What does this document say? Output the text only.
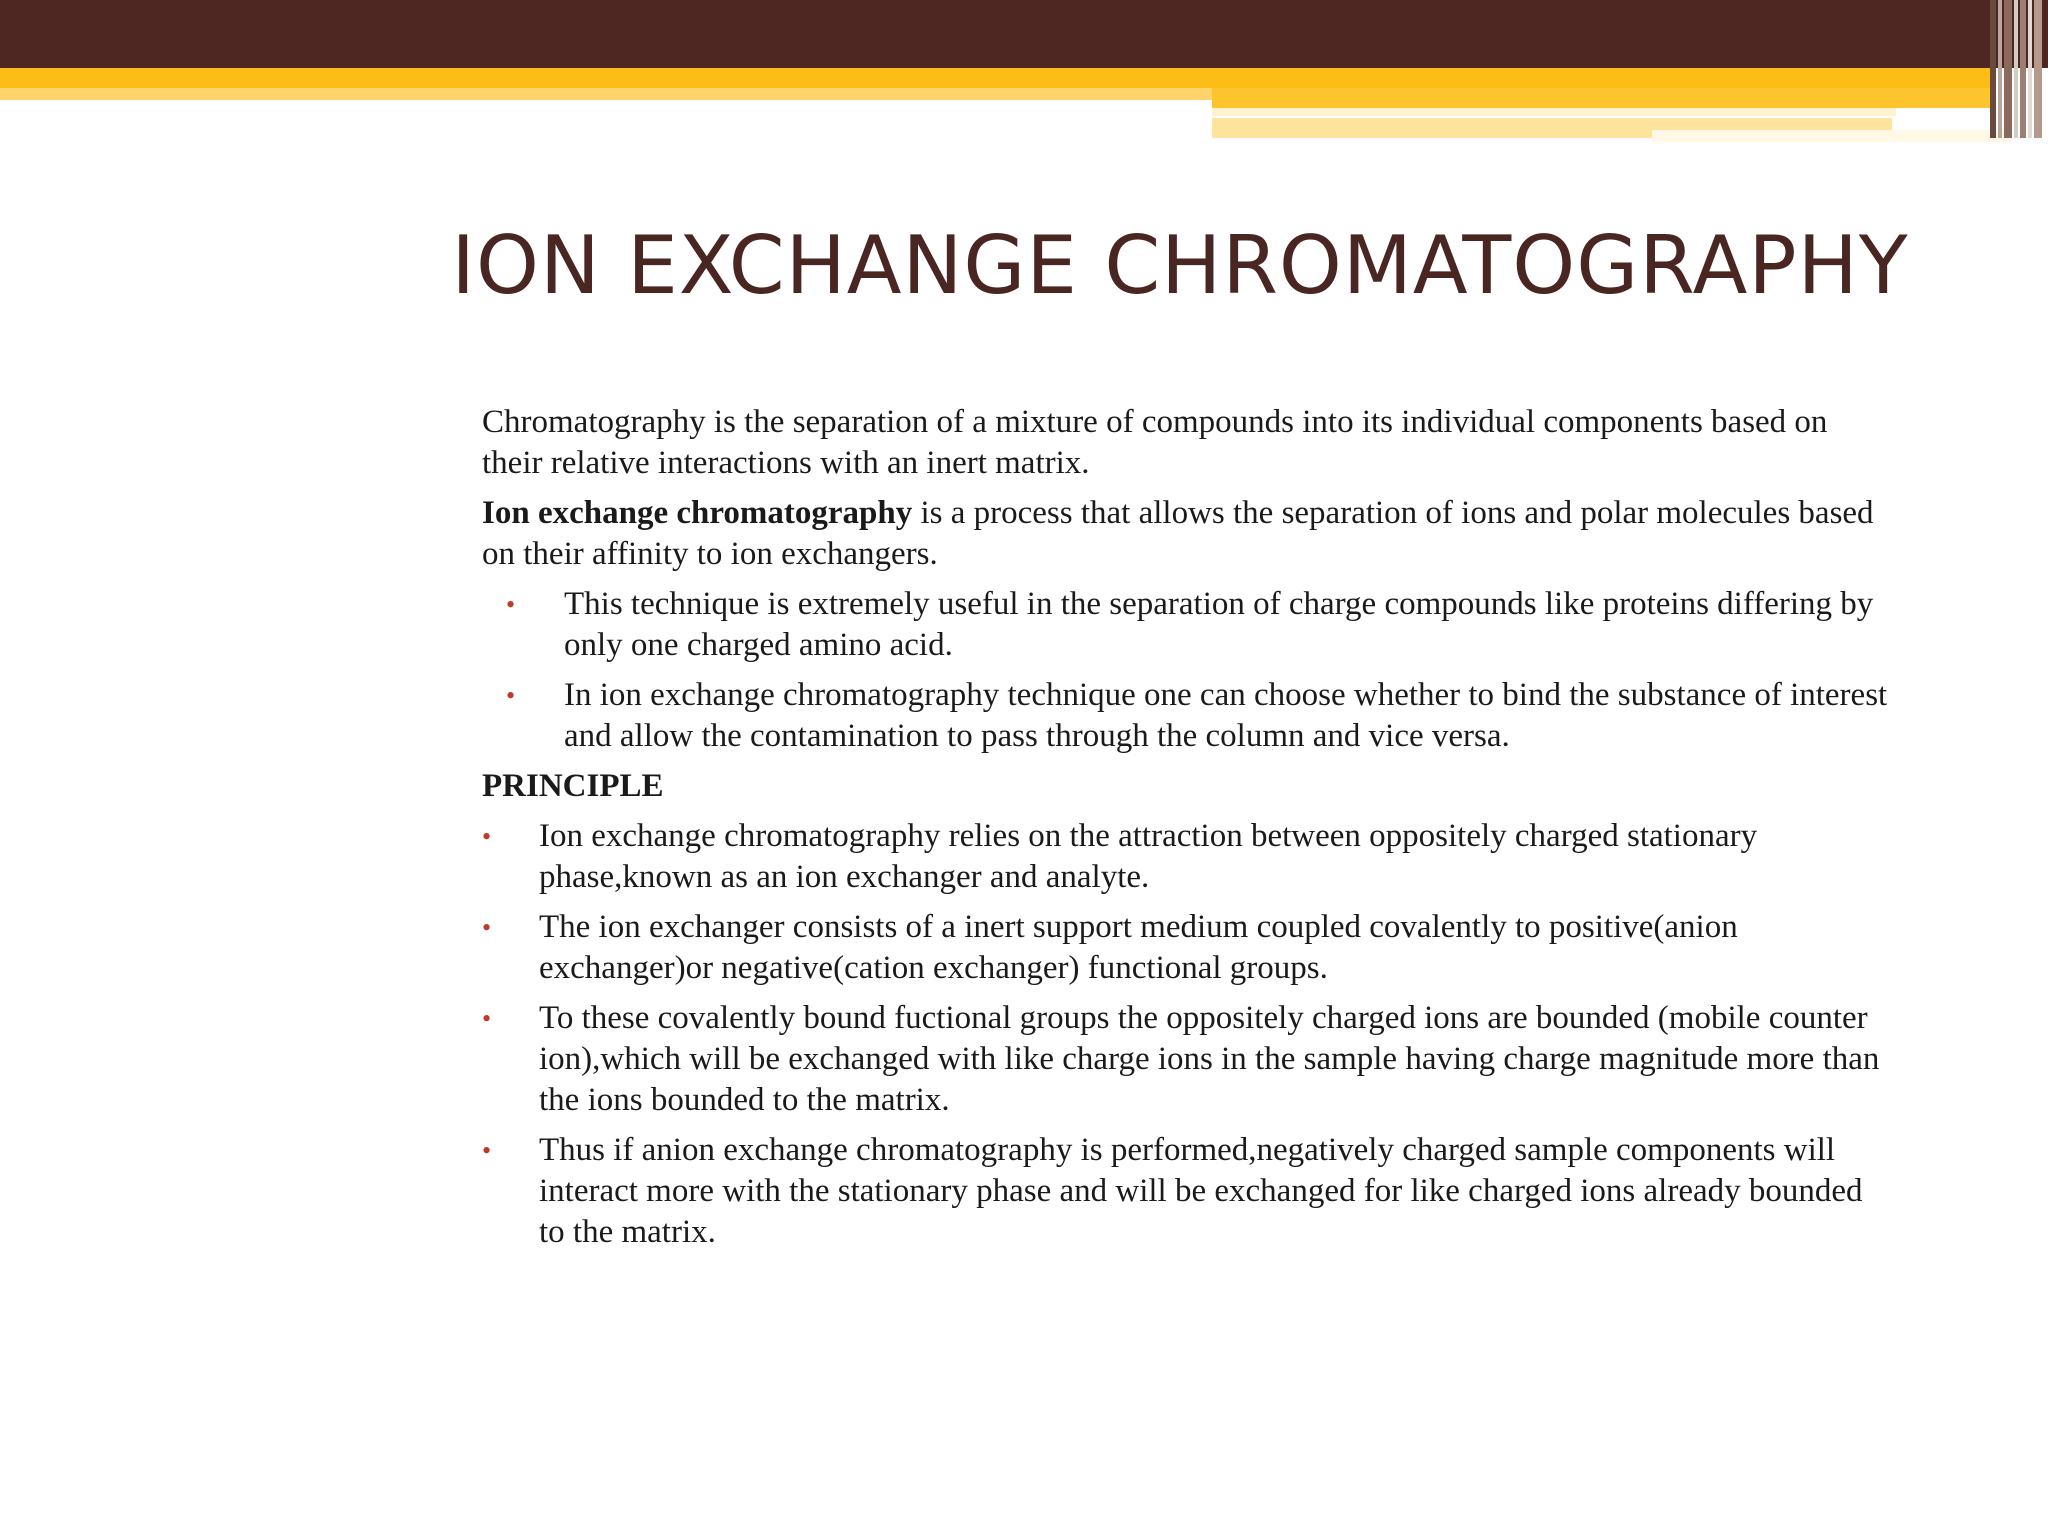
ION EXCHANGE CHROMATOGRAPHY

Chromatography is the separation of a mixture of compounds into its individual components based on their relative interactions with an inert matrix.

Ion exchange chromatography is a process that allows the separation of ions and polar molecules based on their affinity to ion exchangers.

• This technique is extremely useful in the separation of charge compounds like proteins differing by only one charged amino acid.
• In ion exchange chromatography technique one can choose whether to bind the substance of interest and allow the contamination to pass through the column and vice versa.

PRINCIPLE

• Ion exchange chromatography relies on the attraction between oppositely charged stationary phase,known as an ion exchanger and analyte.
• The ion exchanger consists of a inert support medium coupled covalently to positive(anion exchanger)or negative(cation exchanger) functional groups.
• To these covalently bound fuctional groups the oppositely charged ions are bounded (mobile counter ion),which will be exchanged with like charge ions in the sample having charge magnitude more than the ions bounded to the matrix.
• Thus if anion exchange chromatography is performed,negatively charged sample components will interact more with the stationary phase and will be exchanged for like charged ions already bounded to the matrix.
